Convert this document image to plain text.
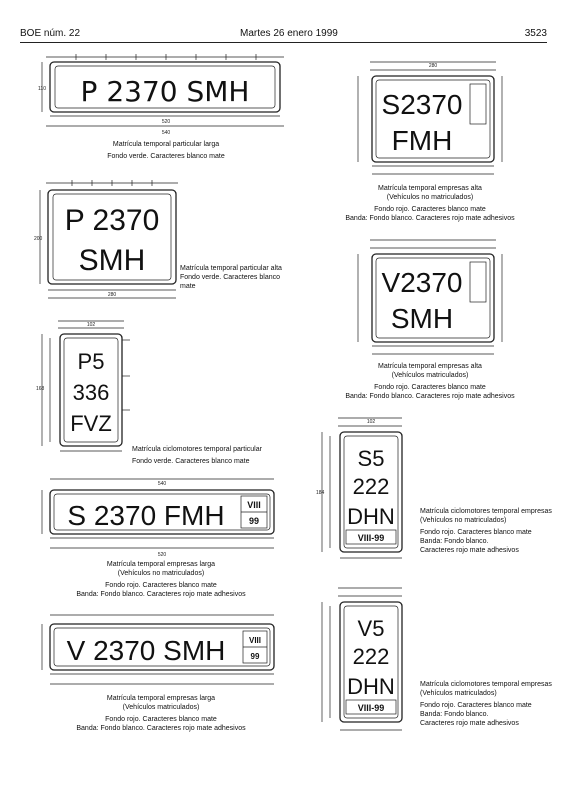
BOE núm. 22	Martes 26 enero 1999	3523
P 2370 SMH
520
540
110
Matrícula temporal particular larga
Fondo verde. Caracteres blanco mate
P 2370
SMH
280
200
Matrícula temporal particular alta
Fondo verde. Caracteres blanco mate
P5
336
FVZ
102
168
Matrícula ciclomotores temporal particular
Fondo verde. Caracteres blanco mate
S 2370 FMH	VIII
99
520
540
Matrícula temporal empresas larga
(Vehículos no matriculados)
Fondo rojo. Caracteres blanco mate
Banda: Fondo blanco. Caracteres rojo mate adhesivos
V 2370 SMH	VIII
99
Matrícula temporal empresas larga
(Vehículos matriculados)
Fondo rojo. Caracteres blanco mate
Banda: Fondo blanco. Caracteres rojo mate adhesivos
S2370
FMH
280
Matrícula temporal empresas alta
(Vehículos no matriculados)
Fondo rojo. Caracteres blanco mate
Banda: Fondo blanco. Caracteres rojo mate adhesivos
V2370
SMH
Matrícula temporal empresas alta
(Vehículos matriculados)
Fondo rojo. Caracteres blanco mate
Banda: Fondo blanco. Caracteres rojo mate adhesivos
S5
222
DHN
VIII-99
102
184
Matrícula ciclomotores temporal empresas
(Vehículos no matriculados)
Fondo rojo. Caracteres blanco mate
Banda: Fondo blanco.
Caracteres rojo mate adhesivos
V5
222
DHN
VIII-99
Matrícula ciclomotores temporal empresas
(Vehículos matriculados)
Fondo rojo. Caracteres blanco mate
Banda: Fondo blanco.
Caracteres rojo mate adhesivos
